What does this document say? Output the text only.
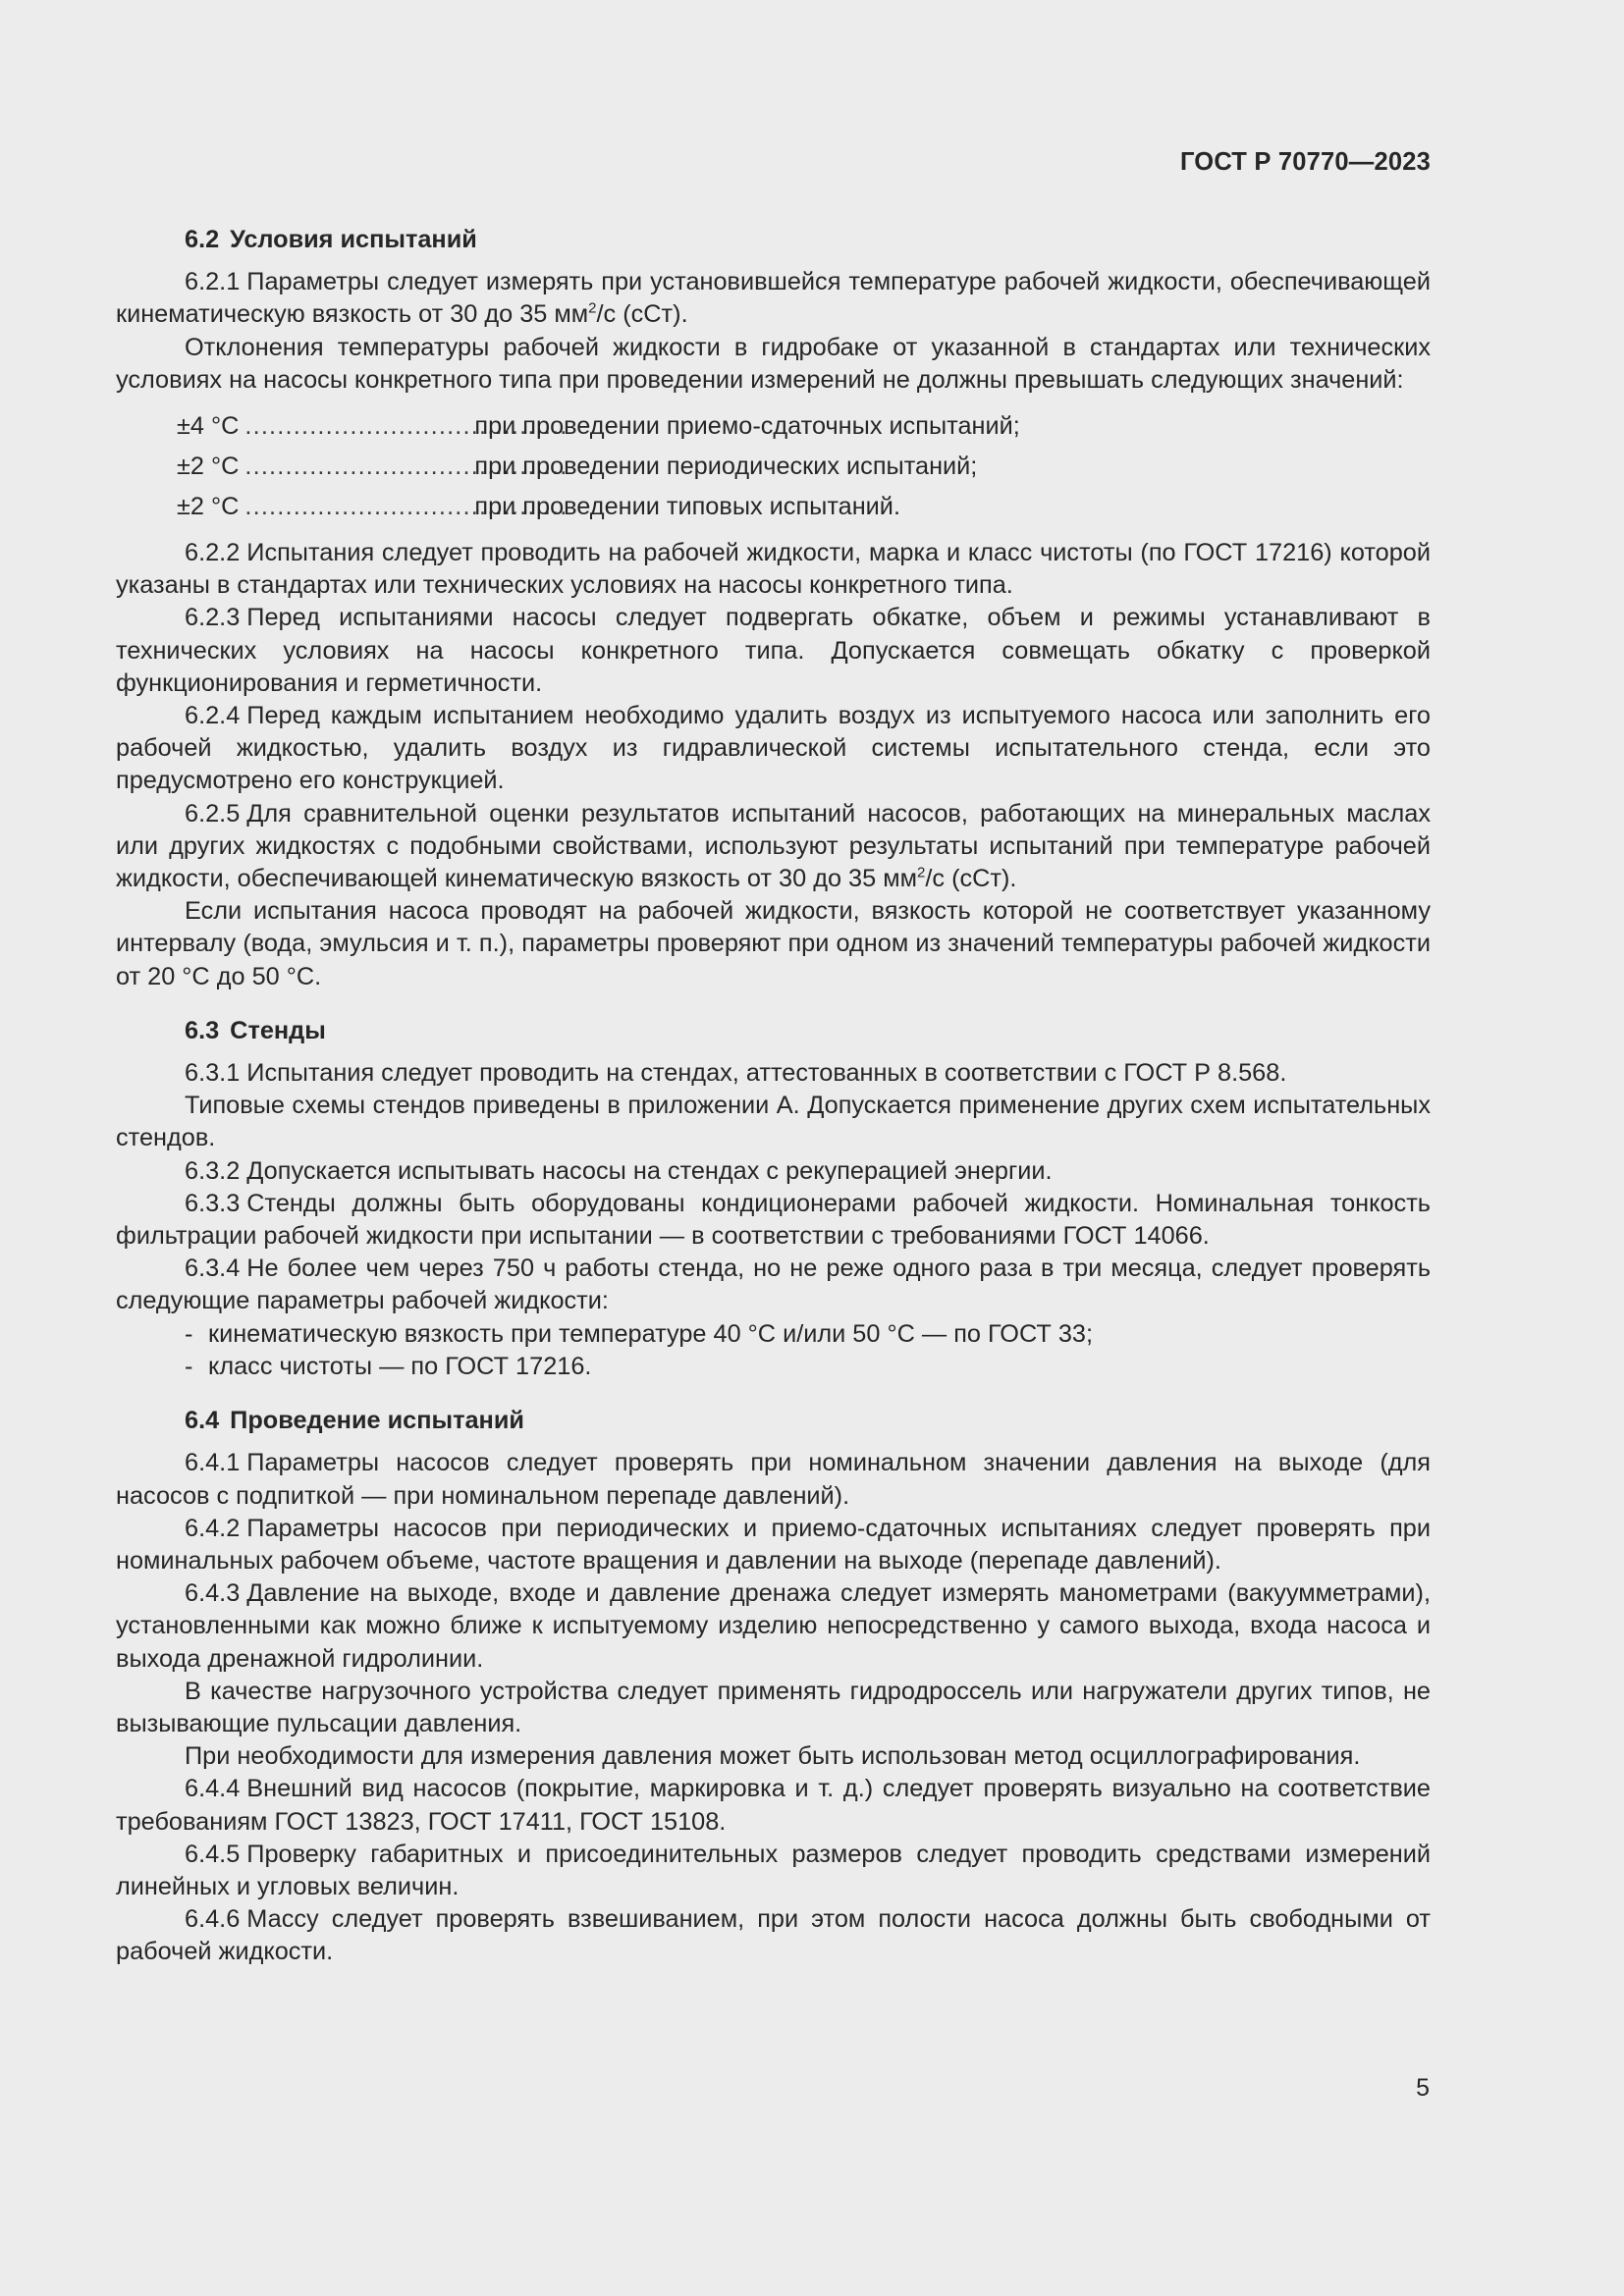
ГОСТ Р 70770—2023
6.2 Условия испытаний

6.2.1 Параметры следует измерять при установившейся температуре рабочей жидкости, обеспечивающей кинематическую вязкость от 30 до 35 $мм^2/с$ (сСт).

Отклонения температуры рабочей жидкости в гидробаке от указанной в стандартах или технических условиях на насосы конкретного типа при проведении измерений не должны превышать следующих значений:

±4 °С ........................................
при проведении приемо-сдаточных испытаний;
±2 °С ........................................
при проведении периодических испытаний;
±2 °С ........................................
при проведении типовых испытаний.

6.2.2 Испытания следует проводить на рабочей жидкости, марка и класс чистоты (по ГОСТ 17216) которой указаны в стандартах или технических условиях на насосы конкретного типа.

6.2.3 Перед испытаниями насосы следует подвергать обкатке, объем и режимы устанавливают в технических условиях на насосы конкретного типа. Допускается совмещать обкатку с проверкой функционирования и герметичности.

6.2.4 Перед каждым испытанием необходимо удалить воздух из испытуемого насоса или заполнить его рабочей жидкостью, удалить воздух из гидравлической системы испытательного стенда, если это предусмотрено его конструкцией.

6.2.5 Для сравнительной оценки результатов испытаний насосов, работающих на минеральных маслах или других жидкостях с подобными свойствами, используют результаты испытаний при температуре рабочей жидкости, обеспечивающей кинематическую вязкость от 30 до 35 $мм^2/с$ (сСт).

Если испытания насоса проводят на рабочей жидкости, вязкость которой не соответствует указанному интервалу (вода, эмульсия и т. п.), параметры проверяют при одном из значений температуры рабочей жидкости от 20 °С до 50 °С.

6.3 Стенды

6.3.1 Испытания следует проводить на стендах, аттестованных в соответствии с ГОСТ Р 8.568.

Типовые схемы стендов приведены в приложении А. Допускается применение других схем испытательных стендов.

6.3.2 Допускается испытывать насосы на стендах с рекуперацией энергии.

6.3.3 Стенды должны быть оборудованы кондиционерами рабочей жидкости. Номинальная тонкость фильтрации рабочей жидкости при испытании — в соответствии с требованиями ГОСТ 14066.

6.3.4 Не более чем через 750 ч работы стенда, но не реже одного раза в три месяца, следует проверять следующие параметры рабочей жидкости:

- кинематическую вязкость при температуре 40 °С и/или 50 °С — по ГОСТ 33;
- класс чистоты — по ГОСТ 17216.
6.4 Проведение испытаний

6.4.1 Параметры насосов следует проверять при номинальном значении давления на выходе (для насосов с подпиткой — при номинальном перепаде давлений).

6.4.2 Параметры насосов при периодических и приемо-сдаточных испытаниях следует проверять при номинальных рабочем объеме, частоте вращения и давлении на выходе (перепаде давлений).

6.4.3 Давление на выходе, входе и давление дренажа следует измерять манометрами (вакуумметрами), установленными как можно ближе к испытуемому изделию непосредственно у самого выхода, входа насоса и выхода дренажной гидролинии.

В качестве нагрузочного устройства следует применять гидродроссель или нагружатели других типов, не вызывающие пульсации давления.

При необходимости для измерения давления может быть использован метод осциллографирования.

6.4.4 Внешний вид насосов (покрытие, маркировка и т. д.) следует проверять визуально на соответствие требованиям ГОСТ 13823, ГОСТ 17411, ГОСТ 15108.

6.4.5 Проверку габаритных и присоединительных размеров следует проводить средствами измерений линейных и угловых величин.

6.4.6 Массу следует проверять взвешиванием, при этом полости насоса должны быть свободными от рабочей жидкости.

5
